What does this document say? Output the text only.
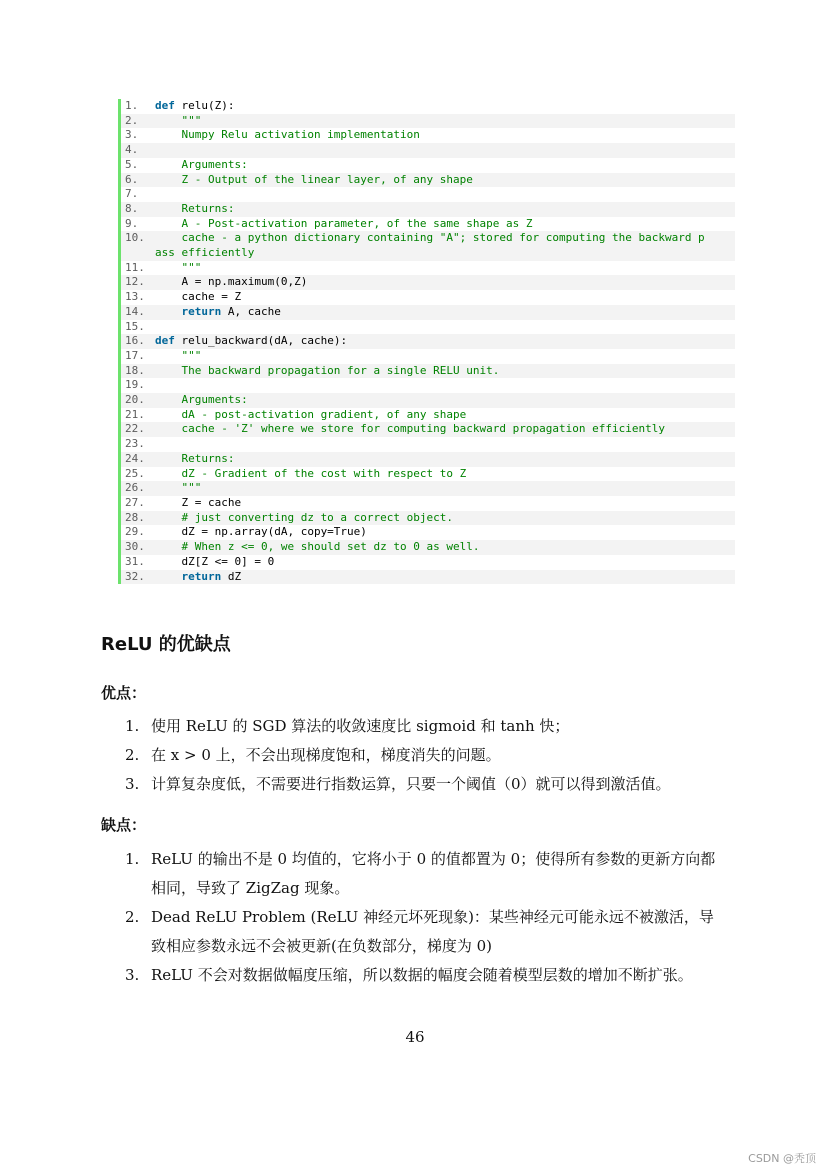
1.	def relu(Z):
2.	"""
3.	Numpy Relu activation implementation
4.
5.	Arguments:
6.	Z - Output of the linear layer, of any shape
7.
8.	Returns:
9.	A - Post-activation parameter, of the same shape as Z
10.	cache - a python dictionary containing "A"; stored for computing the backward p
ass efficiently
11. """
12. A = np.maximum(0,Z)
13. cache = Z
14.	return A, cache
15.
16. def relu_backward(dA, cache):
17. """
18. The backward propagation for a single RELU unit.
19.
20. Arguments:
21. dA - post-activation gradient, of any shape
22. cache - 'Z' where we store for computing backward propagation efficiently
23.
24. Returns:
25. dZ - Gradient of the cost with respect to Z
26. """
27. Z = cache
28. # just converting dz to a correct object.
29. dZ = np.array(dA, copy=True)
30. # When z <= 0, we should set dz to 0 as well.
31. dZ[Z <= 0] = 0
32.	return dZ
ReLU 的优缺点
优点：
1. 使用 ReLU 的 SGD 算法的收敛速度比 sigmoid 和 tanh 快；
2. 在 x > 0 上，不会出现梯度饱和，梯度消失的问题。
3. 计算复杂度低，不需要进行指数运算，只要一个阈值（0）就可以得到激活值。
缺点：
1. ReLU 的输出不是 0 均值的，它将小于 0 的值都置为 0；使得所有参数的更新方向都相同，导致了 ZigZag 现象。
2. Dead ReLU Problem (ReLU 神经元坏死现象)：某些神经元可能永远不被激活，导致相应参数永远不会被更新(在负数部分，梯度为 0)
3. ReLU 不会对数据做幅度压缩，所以数据的幅度会随着模型层数的增加不断扩张。
46
CSDN @秃顶
